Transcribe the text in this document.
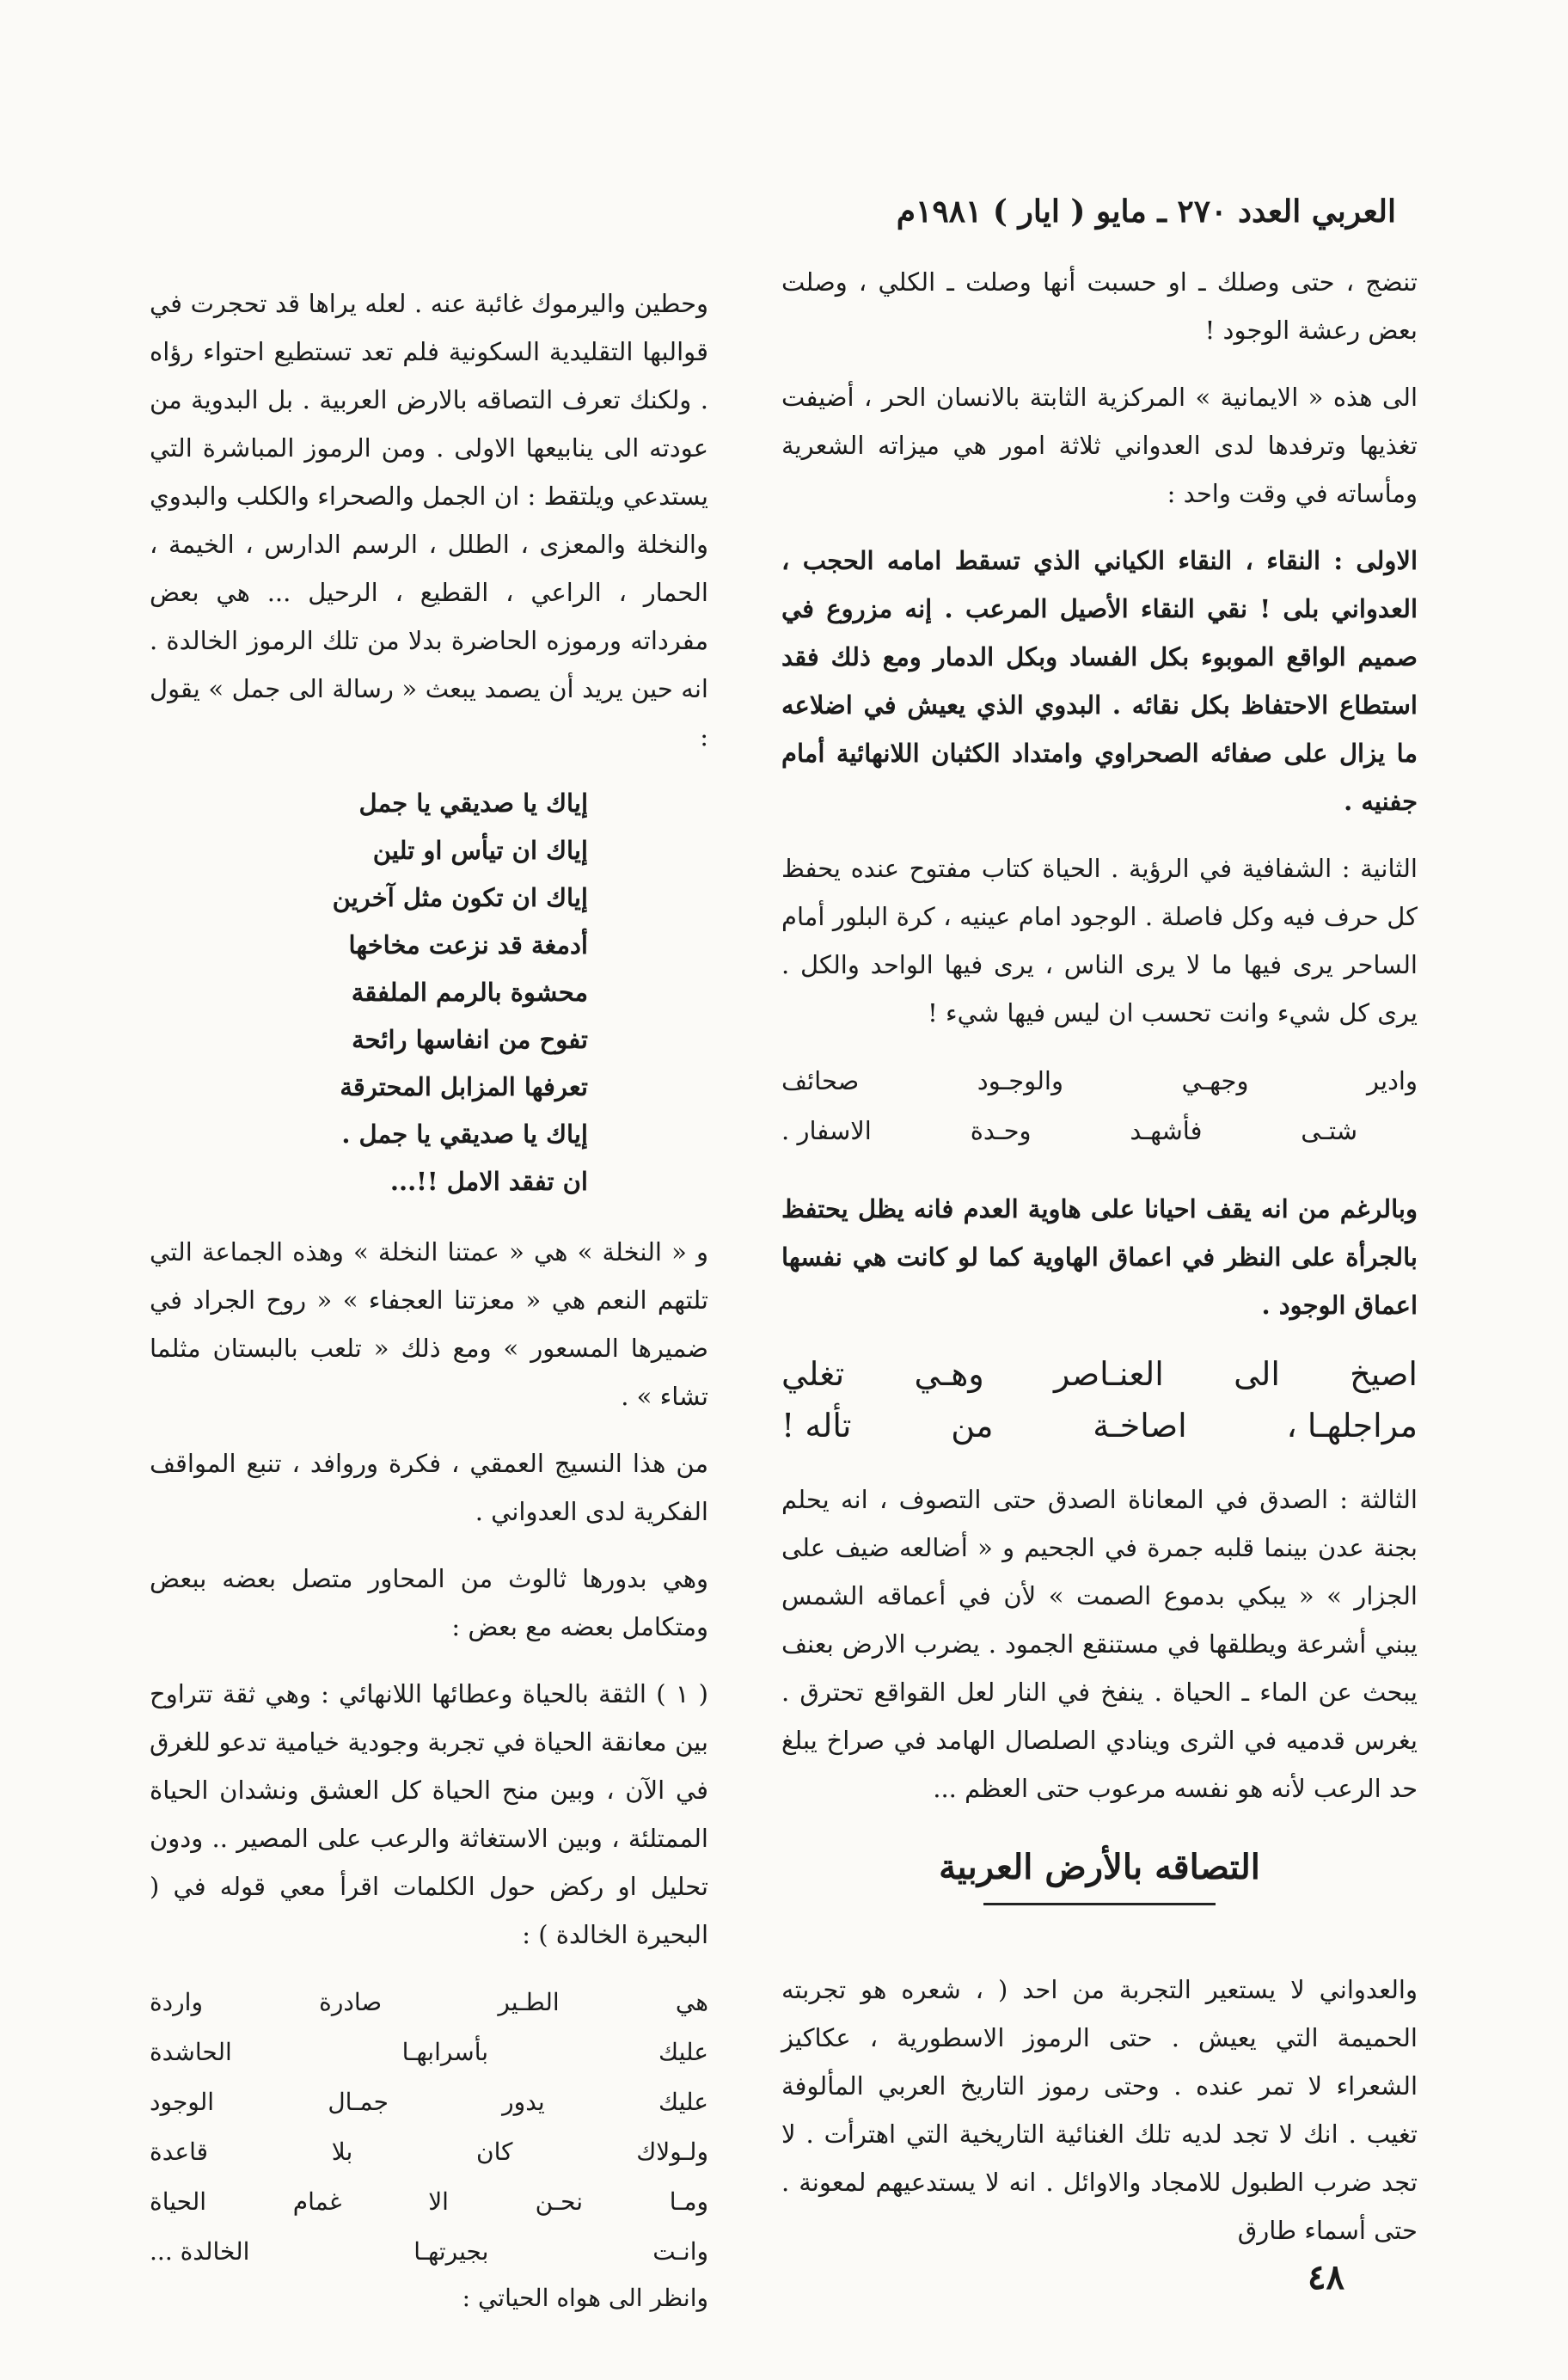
العربي العدد ٢٧٠ ـ مايو ( ايار ) ١٩٨١م

تنضج ، حتى وصلك ـ او حسبت أنها وصلت ـ الكلي ، وصلت بعض رعشة الوجود !

الى هذه « الايمانية » المركزية الثابتة بالانسان الحر ، أضيفت تغذيها وترفدها لدى العدواني ثلاثة امور هي ميزاته الشعرية ومأساته في وقت واحد :

الاولى : النقاء ، النقاء الكياني الذي تسقط امامه الحجب ، العدواني بلى ! نقي النقاء الأصيل المرعب . إنه مزروع في صميم الواقع الموبوء بكل الفساد وبكل الدمار ومع ذلك فقد استطاع الاحتفاظ بكل نقائه . البدوي الذي يعيش في اضلاعه ما يزال على صفائه الصحراوي وامتداد الكثبان اللانهائية أمام جفنيه .

الثانية : الشفافية في الرؤية . الحياة كتاب مفتوح عنده يحفظ كل حرف فيه وكل فاصلة . الوجود امام عينيه ، كرة البلور أمام الساحر يرى فيها ما لا يرى الناس ، يرى فيها الواحد والكل . يرى كل شيء وانت تحسب ان ليس فيها شيء !

وادير
وجهـي
والوجـود
صحائف
شتـى
فأشهـد
وحـدة
الاسفار .

وبالرغم من انه يقف احيانا على هاوية العدم فانه يظل يحتفظ بالجرأة على النظر في اعماق الهاوية كما لو كانت هي نفسها اعماق الوجود .

اصيخ
الى
العنـاصر
وهـي
تغلي
مراجلهـا ،
اصاخـة
من
تأله !

الثالثة : الصدق في المعاناة الصدق حتى التصوف ، انه يحلم بجنة عدن بينما قلبه جمرة في الجحيم و « أضالعه ضيف على الجزار » « يبكي بدموع الصمت » لأن في أعماقه الشمس يبني أشرعة ويطلقها في مستنقع الجمود . يضرب الارض بعنف يبحث عن الماء ـ الحياة . ينفخ في النار لعل القواقع تحترق . يغرس قدميه في الثرى وينادي الصلصال الهامد في صراخ يبلغ حد الرعب لأنه هو نفسه مرعوب حتى العظم ...

التصاقه بالأرض العربية

والعدواني لا يستعير التجربة من احد ( ، شعره هو تجربته الحميمة التي يعيش . حتى الرموز الاسطورية ، عكاكيز الشعراء لا تمر عنده . وحتى رموز التاريخ العربي المألوفة تغيب . انك لا تجد لديه تلك الغنائية التاريخية التي اهترأت . لا تجد ضرب الطبول للامجاد والاوائل . انه لا يستدعيهم لمعونة . حتى أسماء طارق

وحطين واليرموك غائبة عنه . لعله يراها قد تحجرت في قوالبها التقليدية السكونية فلم تعد تستطيع احتواء رؤاه . ولكنك تعرف التصاقه بالارض العربية . بل البدوية من عودته الى ينابيعها الاولى . ومن الرموز المباشرة التي يستدعي ويلتقط : ان الجمل والصحراء والكلب والبدوي والنخلة والمعزى ، الطلل ، الرسم الدارس ، الخيمة ، الحمار ، الراعي ، القطيع ، الرحيل ... هي بعض مفرداته ورموزه الحاضرة بدلا من تلك الرموز الخالدة . انه حين يريد أن يصمد يبعث « رسالة الى جمل » يقول :

إياك يا صديقي يا جمل
إياك ان تيأس او تلين
إياك ان تكون مثل آخرين
أدمغة قد نزعت مخاخها
محشوة بالرمم الملفقة
تفوح من انفاسها رائحة
تعرفها المزابل المحترقة
إياك يا صديقي يا جمل .
ان تفقد الامل !!...

و « النخلة » هي « عمتنا النخلة » وهذه الجماعة التي تلتهم النعم هي « معزتنا العجفاء » « روح الجراد في ضميرها المسعور » ومع ذلك « تلعب بالبستان مثلما تشاء » .

من هذا النسيج العمقي ، فكرة وروافد ، تنبع المواقف الفكرية لدى العدواني .

وهي بدورها ثالوث من المحاور متصل بعضه ببعض ومتكامل بعضه مع بعض :

( ١ ) الثقة بالحياة وعطائها اللانهائي : وهي ثقة تتراوح بين معانقة الحياة في تجربة وجودية خيامية تدعو للغرق في الآن ، وبين منح الحياة كل العشق ونشدان الحياة الممتلئة ، وبين الاستغاثة والرعب على المصير .. ودون تحليل او ركض حول الكلمات اقرأ معي قوله في ( البحيرة الخالدة ) :

هي
الطـير
صادرة
واردة
عليك
بأسرابهـا
الحاشدة
عليك
يدور
جمـال
الوجود
ولـولاك
كان
بلا
قاعدة
ومـا
نحـن
الا
غمام
الحياة
وانـت
بجيرتهـا
الخالدة ...

وانظر الى هواه الحياتي :

٤٨
